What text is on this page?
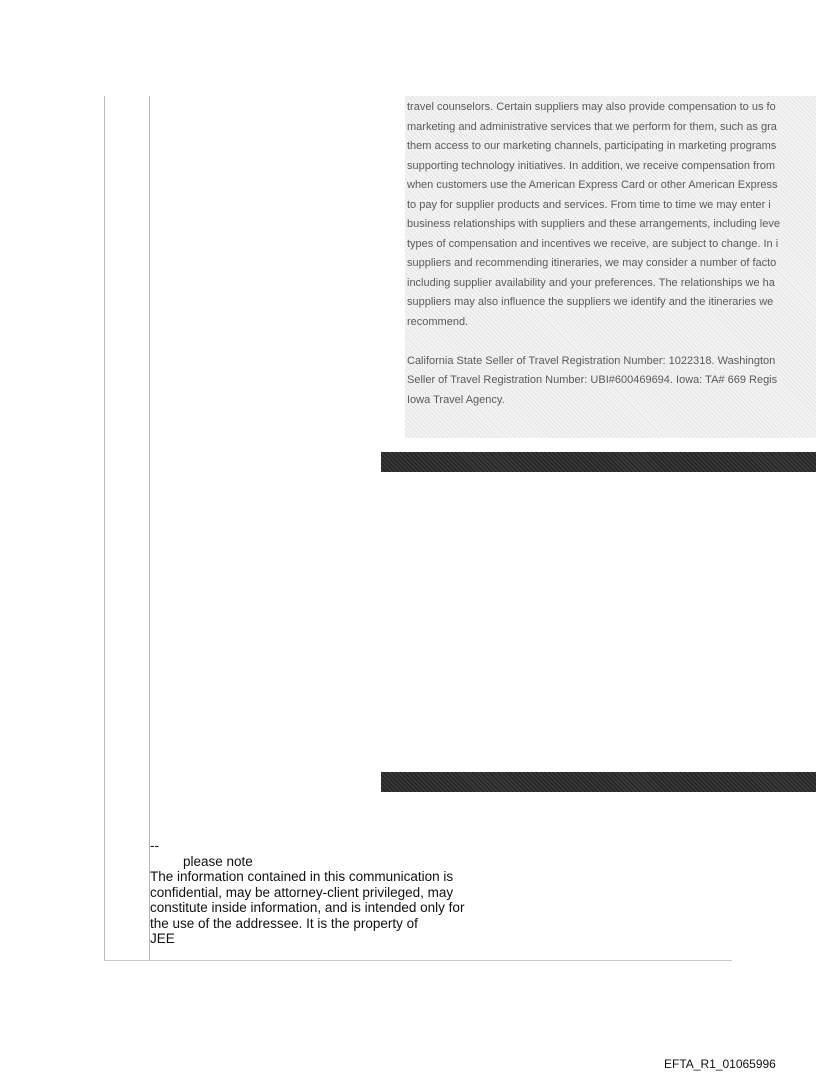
travel counselors. Certain suppliers may also provide compensation to us fo
marketing and administrative services that we perform for them, such as gra
them access to our marketing channels, participating in marketing programs
supporting technology initiatives. In addition, we receive compensation from
when customers use the American Express Card or other American Express
to pay for supplier products and services. From time to time we may enter i
business relationships with suppliers and these arrangements, including leve
types of compensation and incentives we receive, are subject to change. In i
suppliers and recommending itineraries, we may consider a number of facto
including supplier availability and your preferences. The relationships we ha
suppliers may also influence the suppliers we identify and the itineraries we
recommend.
California State Seller of Travel Registration Number: 1022318. Washington
Seller of Travel Registration Number: UBI#600469694. Iowa: TA# 669 Regis
Iowa Travel Agency.
--
please note
The information contained in this communication is
confidential, may be attorney-client privileged, may
constitute inside information, and is intended only for
the use of the addressee. It is the property of
JEE
EFTA_R1_01065996
